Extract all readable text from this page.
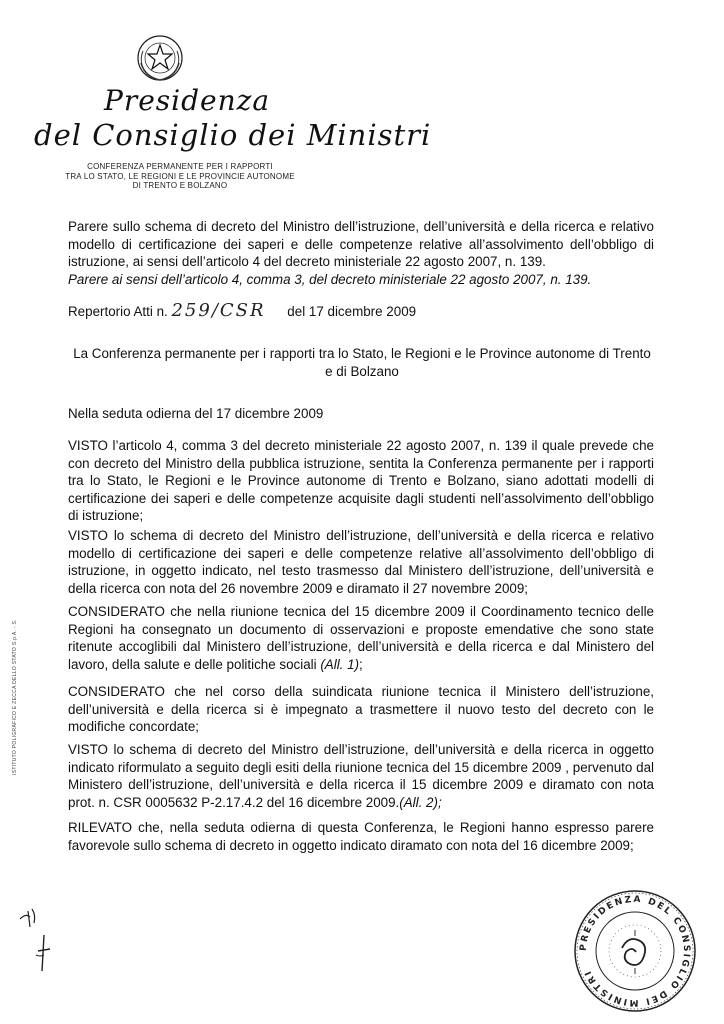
Presidenza
del Consiglio dei Ministri
CONFERENZA PERMANENTE PER I RAPPORTI
TRA LO STATO, LE REGIONI E LE PROVINCIE AUTONOME
DI TRENTO E BOLZANO
Parere sullo schema di decreto del Ministro dell’istruzione, dell’università e della ricerca e relativo modello di certificazione dei saperi e delle competenze relative all’assolvimento dell’obbligo di istruzione, ai sensi dell’articolo 4 del decreto ministeriale 22 agosto 2007, n. 139.
Parere ai sensi dell’articolo 4, comma 3, del decreto ministeriale 22 agosto 2007, n. 139.
Repertorio Atti n. 259/CSR del 17 dicembre 2009
La Conferenza permanente per i rapporti tra lo Stato, le Regioni e le Province autonome di Trento e di Bolzano
Nella seduta odierna del 17 dicembre 2009
VISTO l’articolo 4, comma 3 del decreto ministeriale 22 agosto 2007, n. 139 il quale prevede che con decreto del Ministro della pubblica istruzione, sentita la Conferenza permanente per i rapporti tra lo Stato, le Regioni e le Province autonome di Trento e Bolzano, siano adottati modelli di certificazione dei saperi e delle competenze acquisite dagli studenti nell’assolvimento dell’obbligo di istruzione;
VISTO lo schema di decreto del Ministro dell’istruzione, dell’università e della ricerca e relativo modello di certificazione dei saperi e delle competenze relative all’assolvimento dell’obbligo di istruzione, in oggetto indicato, nel testo trasmesso dal Ministero dell’istruzione, dell’università e della ricerca con nota del 26 novembre 2009 e diramato il 27 novembre 2009;
CONSIDERATO che nella riunione tecnica del 15 dicembre 2009 il Coordinamento tecnico delle Regioni ha consegnato un documento di osservazioni e proposte emendative che sono state ritenute accoglibili dal Ministero dell’istruzione, dell’università e della ricerca e dal Ministero del lavoro, della salute e delle politiche sociali (All. 1);
CONSIDERATO che nel corso della suindicata riunione tecnica il Ministero dell’istruzione, dell’università e della ricerca si è impegnato a trasmettere il nuovo testo del decreto con le modifiche concordate;
VISTO lo schema di decreto del Ministro dell’istruzione, dell’università e della ricerca in oggetto indicato riformulato a seguito degli esiti della riunione tecnica del 15 dicembre 2009 , pervenuto dal Ministero dell’istruzione, dell’università e della ricerca il 15 dicembre 2009 e diramato con nota prot. n. CSR 0005632 P-2.17.4.2 del 16 dicembre 2009.(All. 2);
RILEVATO che, nella seduta odierna di questa Conferenza, le Regioni hanno espresso parere favorevole sullo schema di decreto in oggetto indicato diramato con nota del 16 dicembre 2009;
ISTITUTO POLIGRAFICO E ZECCA DELLO STATO S.p.A. - S.
PRESIDENZA DEL CONSIGLIO DEI MINISTRI
